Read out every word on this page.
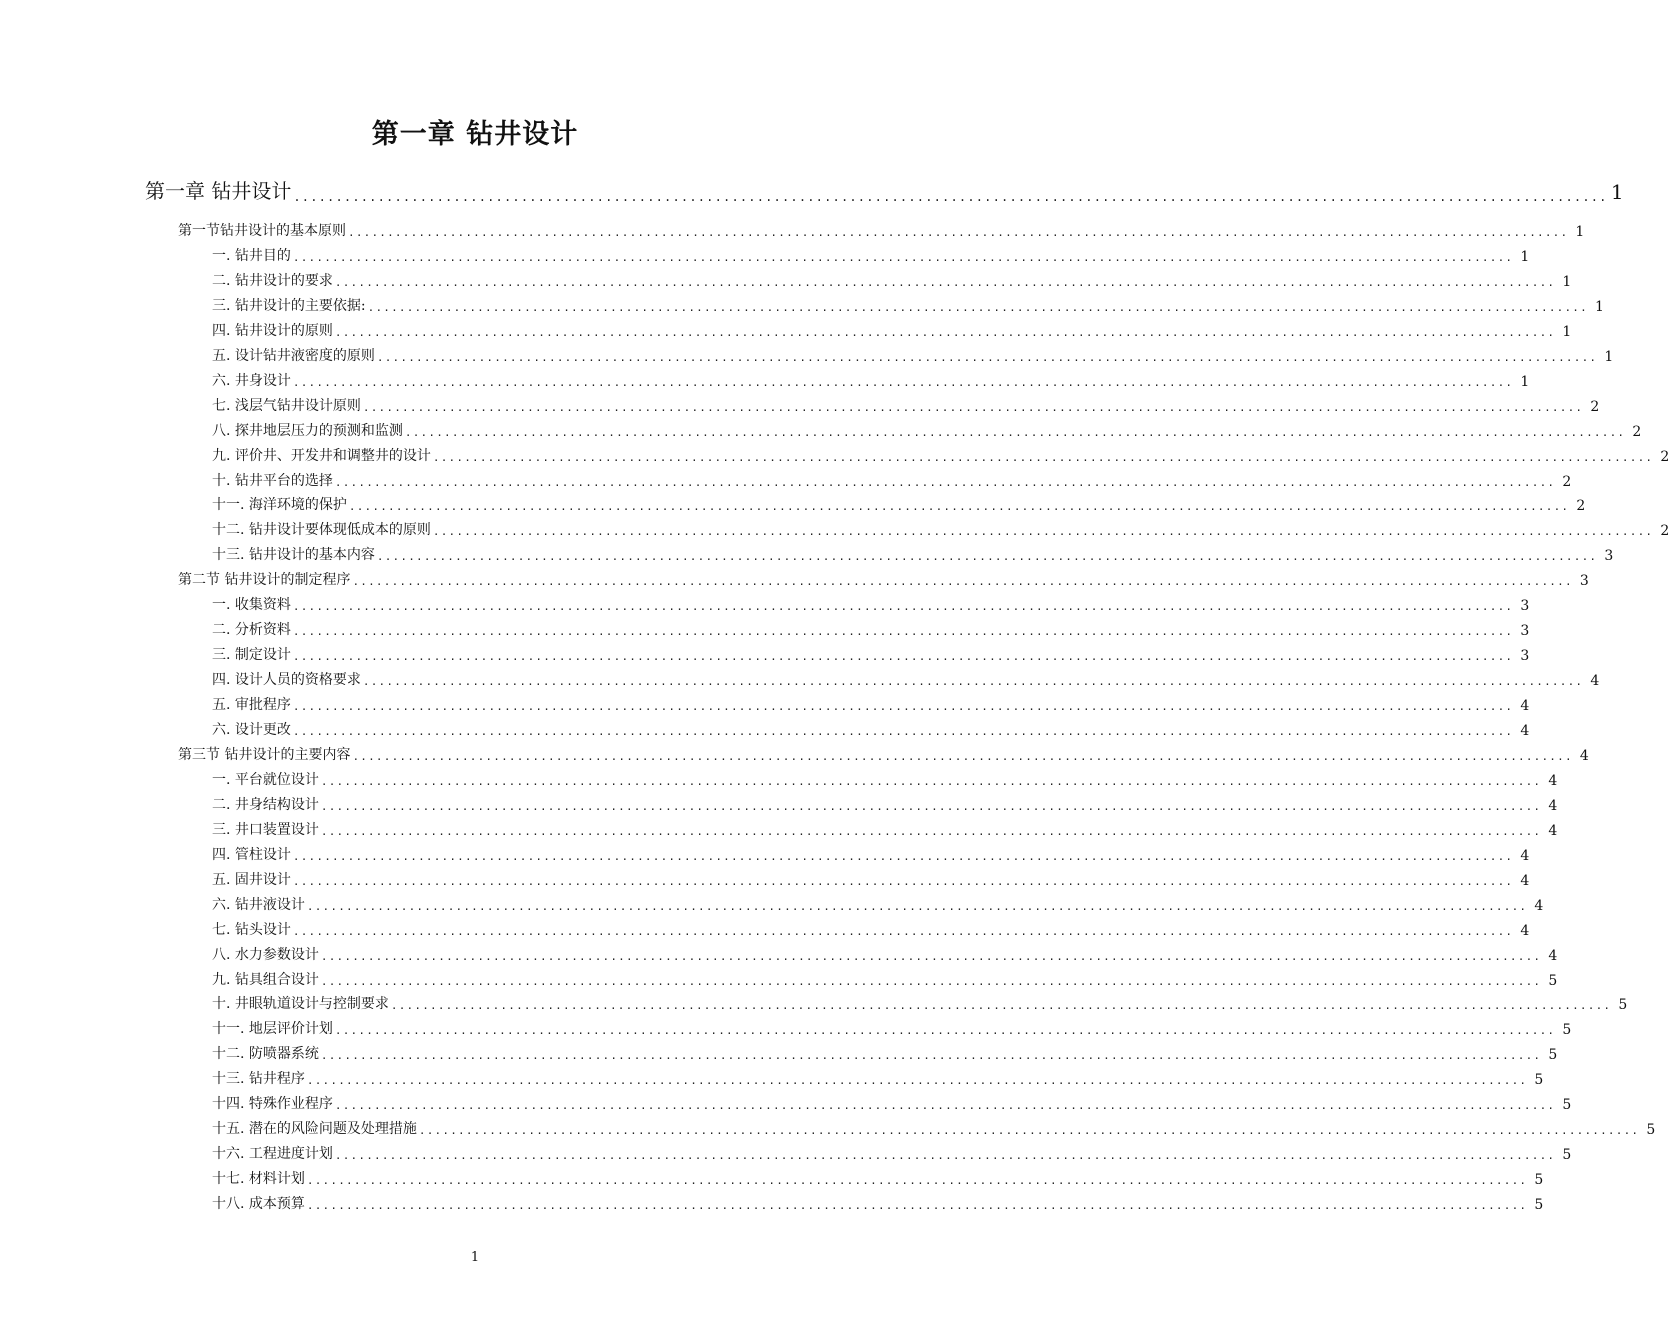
第一章 钻井设计
第一章 钻井设计 ............................................................................................................................................................ 1
第一节钻井设计的基本原则 ............................................................................................................................................................ 1
一. 钻井目的 ............................................................................................................................................................ 1
二. 钻井设计的要求 ............................................................................................................................................................ 1
三. 钻井设计的主要依据: ............................................................................................................................................................ 1
四. 钻井设计的原则 ............................................................................................................................................................ 1
五. 设计钻井液密度的原则 ............................................................................................................................................................ 1
六. 井身设计 ............................................................................................................................................................ 1
七. 浅层气钻井设计原则 ............................................................................................................................................................ 2
八. 探井地层压力的预测和监测 ............................................................................................................................................................ 2
九. 评价井、开发井和调整井的设计 ............................................................................................................................................................ 2
十. 钻井平台的选择 ............................................................................................................................................................ 2
十一. 海洋环境的保护 ............................................................................................................................................................ 2
十二. 钻井设计要体现低成本的原则 ............................................................................................................................................................ 2
十三. 钻井设计的基本内容 ............................................................................................................................................................ 3
第二节 钻井设计的制定程序 ............................................................................................................................................................ 3
一. 收集资料 ............................................................................................................................................................ 3
二. 分析资料 ............................................................................................................................................................ 3
三. 制定设计 ............................................................................................................................................................ 3
四. 设计人员的资格要求 ............................................................................................................................................................ 4
五. 审批程序 ............................................................................................................................................................ 4
六. 设计更改 ............................................................................................................................................................ 4
第三节 钻井设计的主要内容 ............................................................................................................................................................ 4
一. 平台就位设计 ............................................................................................................................................................ 4
二. 井身结构设计 ............................................................................................................................................................ 4
三. 井口装置设计 ............................................................................................................................................................ 4
四. 管柱设计 ............................................................................................................................................................ 4
五. 固井设计 ............................................................................................................................................................ 4
六. 钻井液设计 ............................................................................................................................................................ 4
七. 钻头设计 ............................................................................................................................................................ 4
八. 水力参数设计 ............................................................................................................................................................ 4
九. 钻具组合设计 ............................................................................................................................................................ 5
十. 井眼轨道设计与控制要求 ............................................................................................................................................................ 5
十一. 地层评价计划 ............................................................................................................................................................ 5
十二. 防喷器系统 ............................................................................................................................................................ 5
十三. 钻井程序 ............................................................................................................................................................ 5
十四. 特殊作业程序 ............................................................................................................................................................ 5
十五. 潜在的风险问题及处理措施 ............................................................................................................................................................ 5
十六. 工程进度计划 ............................................................................................................................................................ 5
十七. 材料计划 ............................................................................................................................................................ 5
十八. 成本预算 ............................................................................................................................................................ 5
1
